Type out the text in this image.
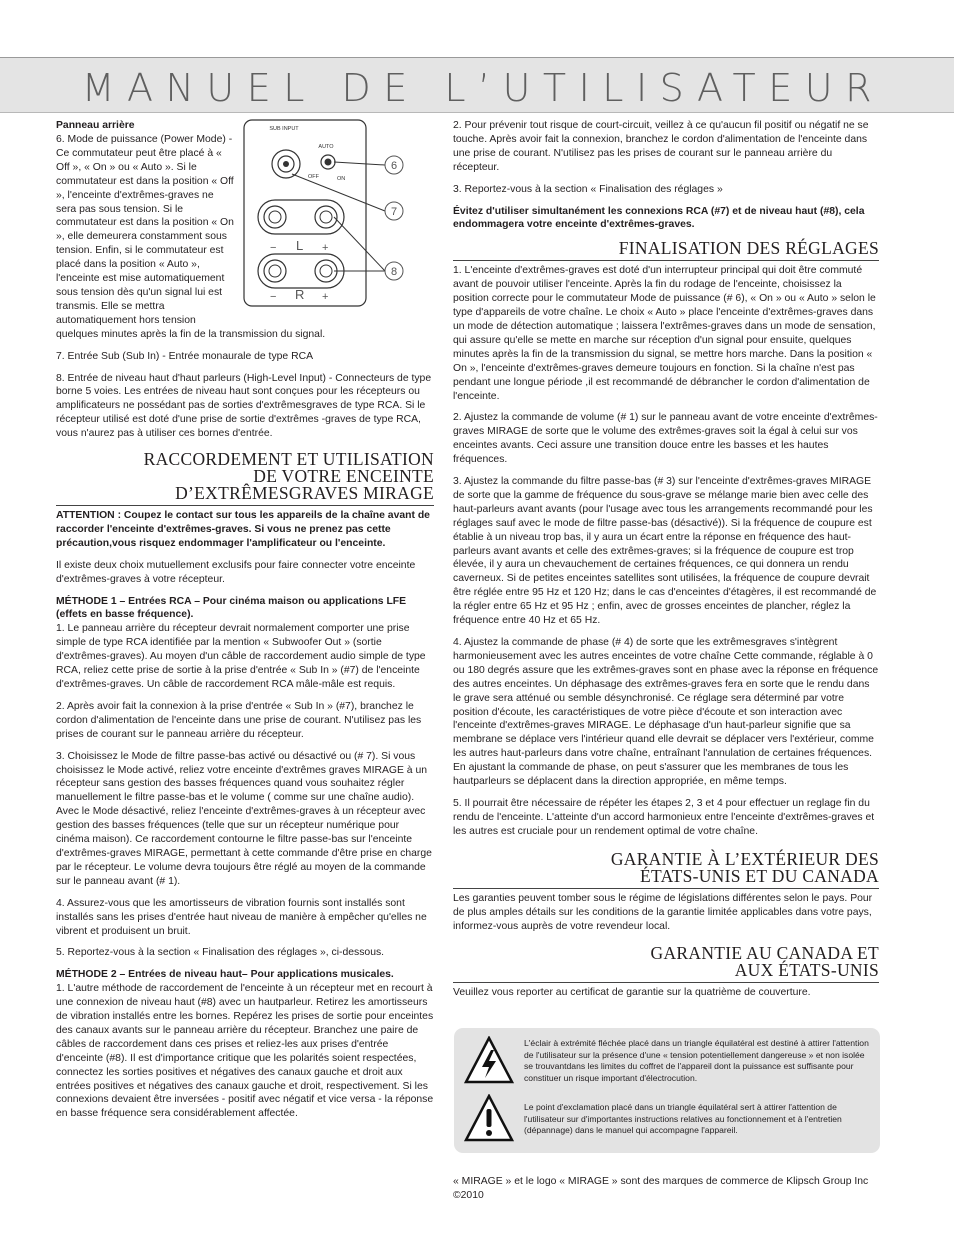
MANUEL DE L’UTILISATEUR
SUB INPUT
AUTO
OFF	ON
− L +
− R +
6
7
8

Panneau arrière

6. Mode de puissance (Power Mode) - Ce commutateur peut être placé à « Off », « On » ou « Auto ». Si le commutateur est dans la position « Off », l'enceinte d'extrêmes-graves ne sera pas sous tension. Si le commutateur est dans la position « On », elle demeurera constamment sous tension. Enfin, si le commutateur est placé dans la position « Auto », l'enceinte est mise automatiquement sous tension dès qu'un signal lui est transmis. Elle se mettra automatiquement hors tension quelques minutes après la fin de la transmission du signal.

7. Entrée Sub (Sub In) - Entrée monaurale de type RCA

8. Entrée de niveau haut d'haut parleurs (High-Level Input) - Connecteurs de type borne 5 voies. Les entrées de niveau haut sont conçues pour les récepteurs ou amplificateurs ne possédant pas de sorties d'extrêmesgraves de type RCA. Si le récepteur utilisé est doté d'une prise de sortie d'extrêmes -graves de type RCA, vous n'aurez pas à utiliser ces bornes d'entrée.

RACCORDEMENT ET UTILISATION
DE VOTRE ENCEINTE
D’EXTRÊMESGRAVES MIRAGE

ATTENTION : Coupez le contact sur tous les appareils de la chaîne avant de raccorder l'enceinte d'extrêmes-graves. Si vous ne prenez pas cette précaution,vous risquez endommager l'amplificateur ou l'enceinte.

Il existe deux choix mutuellement exclusifs pour faire connecter votre enceinte d'extrêmes-graves à votre récepteur.

MÉTHODE 1 – Entrées RCA – Pour cinéma maison ou applications LFE (effets en basse fréquence).

1. Le panneau arrière du récepteur devrait normalement comporter une prise simple de type RCA identifiée par la mention « Subwoofer Out » (sortie d'extrêmes-graves). Au moyen d'un câble de raccordement audio simple de type RCA, reliez cette prise de sortie à la prise d'entrée « Sub In » (#7) de l'enceinte d'extrêmes-graves. Un câble de raccordement RCA mâle-mâle est requis.

2. Après avoir fait la connexion à la prise d'entrée « Sub In » (#7), branchez le cordon d'alimentation de l'enceinte dans une prise de courant. N'utilisez pas les prises de courant sur le panneau arrière du récepteur.

3. Choisissez le Mode de filtre passe-bas activé ou désactivé ou (# 7). Si vous choisissez le Mode activé, reliez votre enceinte d'extrêmes graves MIRAGE à un récepteur sans gestion des basses fréquences quand vous souhaitez régler manuellement le filtre passe-bas et le volume ( comme sur une chaîne audio). Avec le Mode désactivé, reliez l'enceinte d'extrêmes-graves à un récepteur avec gestion des basses fréquences (telle que sur un récepteur numérique pour cinéma maison). Ce raccordement contourne le filtre passe-bas sur l'enceinte d'extrêmes-graves MIRAGE, permettant à cette commande d'être prise en charge par le récepteur. Le volume devra toujours être réglé au moyen de la commande sur le panneau avant (# 1).

4. Assurez-vous que les amortisseurs de vibration fournis sont installés sont installés sans les prises d'entrée haut niveau de manière à empêcher qu'elles ne vibrent et produisent un bruit.

5. Reportez-vous à la section « Finalisation des réglages », ci-dessous.

MÉTHODE 2 – Entrées de niveau haut– Pour applications musicales.

1. L'autre méthode de raccordement de l'enceinte à un récepteur met en recourt à une connexion de niveau haut (#8) avec un hautparleur. Retirez les amortisseurs de vibration installés entre les bornes. Repérez les prises de sortie pour enceintes des canaux avants sur le panneau arrière du récepteur. Branchez une paire de câbles de raccordement dans ces prises et reliez-les aux prises d'entrée d'enceinte (#8). Il est d'importance critique que les polarités soient respectées, connectez les sorties positives et négatives des canaux gauche et droit aux entrées positives et négatives des canaux gauche et droit, respectivement. Si les connexions devaient être inversées - positif avec négatif et vice versa - la réponse en basse fréquence sera considérablement affectée.

2. Pour prévenir tout risque de court-circuit, veillez à ce qu'aucun fil positif ou négatif ne se touche. Après avoir fait la connexion, branchez le cordon d'alimentation de l'enceinte dans une prise de courant. N'utilisez pas les prises de courant sur le panneau arrière du récepteur.

3. Reportez-vous à la section « Finalisation des réglages »

Évitez d'utiliser simultanément les connexions RCA (#7) et de niveau haut (#8), cela endommagera votre enceinte d'extrêmes-graves.

FINALISATION DES RÉGLAGES

1. L'enceinte d'extrêmes-graves est doté d'un interrupteur principal qui doit être commuté avant de pouvoir utiliser l'enceinte. Après la fin du rodage de l'enceinte, choisissez la position correcte pour le commutateur Mode de puissance (# 6), « On » ou « Auto » selon le type d'appareils de votre chaîne. Le choix « Auto » place l'enceinte d'extrêmes-graves dans un mode de détection automatique ; laissera l'extrêmes-graves dans un mode de sensation, qui assure qu'elle se mette en marche sur réception d'un signal pour ensuite, quelques minutes après la fin de la transmission du signal, se mettre hors marche. Dans la position « On », l'enceinte d'extrêmes-graves demeure toujours en fonction. Si la chaîne n'est pas pendant une longue période ,il est recommandé de débrancher le cordon d'alimentation de l'enceinte.

2. Ajustez la commande de volume (# 1) sur le panneau avant de votre enceinte d'extrêmes-graves MIRAGE de sorte que le volume des extrêmes-graves soit la égal à celui sur vos enceintes avants. Ceci assure une transition douce entre les basses et les hautes fréquences.

3. Ajustez la commande du filtre passe-bas (# 3) sur l'enceinte d'extrêmes-graves MIRAGE de sorte que la gamme de fréquence du sous-grave se mélange marie bien avec celle des haut-parleurs avant avants (pour l'usage avec tous les arrangements recommandé pour les réglages sauf avec le mode de filtre passe-bas (désactivé)). Si la fréquence de coupure est établie à un niveau trop bas, il y aura un écart entre la réponse en fréquence des haut-parleurs avant avants et celle des extrêmes-graves; si la fréquence de coupure est trop élevée, il y aura un chevauchement de certaines fréquences, ce qui donnera un rendu caverneux. Si de petites enceintes satellites sont utilisées, la fréquence de coupure devrait être réglée entre 95 Hz et 120 Hz; dans le cas d'enceintes d'étagères, il est recommandé de la régler entre 65 Hz et 95 Hz ; enfin, avec de grosses enceintes de plancher, réglez la fréquence entre 40 Hz et 65 Hz.

4. Ajustez la commande de phase (# 4) de sorte que les extrêmesgraves s'intègrent harmonieusement avec les autres enceintes de votre chaîne Cette commande, réglable à 0 ou 180 degrés assure que les extrêmes-graves sont en phase avec la réponse en fréquence des autres enceintes. Un déphasage des extrêmes-graves fera en sorte que le rendu dans le grave sera atténué ou semble désynchronisé. Ce réglage sera déterminé par votre position d'écoute, les caractéristiques de votre pièce d'écoute et son interaction avec l'enceinte d'extrêmes-graves MIRAGE. Le déphasage d'un haut-parleur signifie que sa membrane se déplace vers l'intérieur quand elle devrait se déplacer vers l'extérieur, comme les autres haut-parleurs dans votre chaîne, entraînant l'annulation de certaines fréquences. En ajustant la commande de phase, on peut s'assurer que les membranes de tous les hautparleurs se déplacent dans la direction appropriée, en même temps.

5. Il pourrait être nécessaire de répéter les étapes 2, 3 et 4 pour effectuer un reglage fin du rendu de l'enceinte. L'atteinte d'un accord harmonieux entre l'enceinte d'extrêmes-graves et les autres est cruciale pour un rendement optimal de votre chaîne.

GARANTIE À L’EXTÉRIEUR DES
ÉTATS-UNIS ET DU CANADA

Les garanties peuvent tomber sous le régime de législations différentes selon le pays. Pour de plus amples détails sur les conditions de la garantie limitée applicables dans votre pays, informez-vous auprès de votre revendeur local.

GARANTIE AU CANADA ET
AUX ÉTATS-UNIS

Veuillez vous reporter au certificat de garantie sur la quatrième de couverture.

L'éclair à extrémité fléchée placé dans un triangle équilatéral est destiné à attirer l'attention de l'utilisateur sur la présence d'une « tension potentiellement dangereuse » et non isolée se trouvantdans les limites du coffret de l'appareil dont la puissance est suffisante pour constituer un risque important d'électrocution.
Le point d'exclamation placé dans un triangle équilatéral sert à attirer l'attention de l'utilisateur sur d'importantes instructions relatives au fonctionnement et à l'entretien (dépannage) dans le manuel qui accompagne l'appareil.
« MIRAGE » et le logo « MIRAGE » sont des marques de commerce de Klipsch Group Inc ©2010
